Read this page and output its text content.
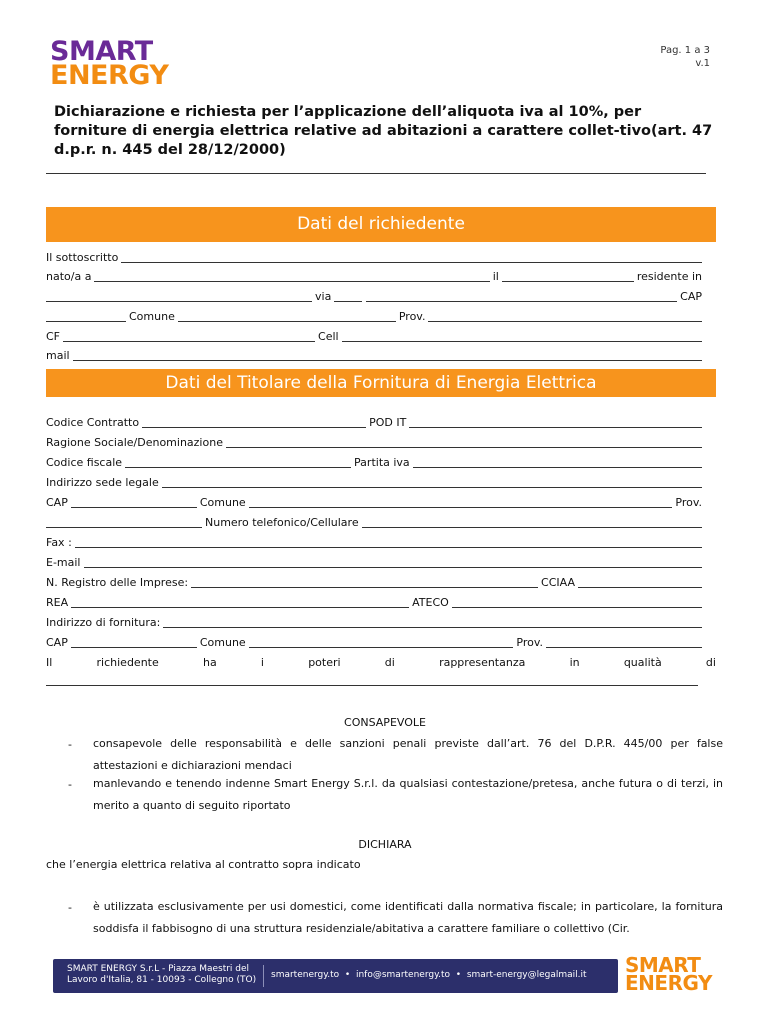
SMART
ENERGY
Pag. 1 a 3
v.1
Dichiarazione e richiesta per l’applicazione dell’aliquota iva al 10%, per forniture di energia elettrica relative ad abitazioni a carattere collet-tivo(art. 47 d.p.r. n. 445 del 28/12/2000)
Dati del richiedente
Il sottoscritto
nato/a a	il	residente in
via	CAP
Comune	Prov.
CF	Cell
mail
Dati del Titolare della Fornitura di Energia Elettrica
Codice Contratto	POD IT
Ragione Sociale/Denominazione
Codice fiscale	Partita iva
Indirizzo sede legale
CAP	Comune	Prov.
Numero telefonico/Cellulare
Fax :
E-mail
N. Registro delle Imprese:	CCIAA
REA	ATECO
Indirizzo di fornitura:
CAP	Comune	Prov.
Il	richiedente	ha	i	poteri	di	rappresentanza	in	qualità	di
CONSAPEVOLE
- consapevole delle responsabilità e delle sanzioni penali previste dall’art. 76 del D.P.R. 445/00 per false attestazioni e dichiarazioni mendaci
- manlevando e tenendo indenne Smart Energy S.r.l. da qualsiasi contestazione/pretesa, anche futura o di terzi, in merito a quanto di seguito riportato
DICHIARA
che l’energia elettrica relativa al contratto sopra indicato
- è utilizzata esclusivamente per usi domestici, come identificati dalla normativa fiscale; in particolare, la fornitura soddisfa il fabbisogno di una struttura residenziale/abitativa a carattere familiare o collettivo (Cir.
SMART ENERGY S.r.L - Piazza Maestri del
Lavoro d'Italia, 81 - 10093 - Collegno (TO) smartenergy.to • info@smartenergy.to • smart-energy@legalmail.it SMART
ENERGY
